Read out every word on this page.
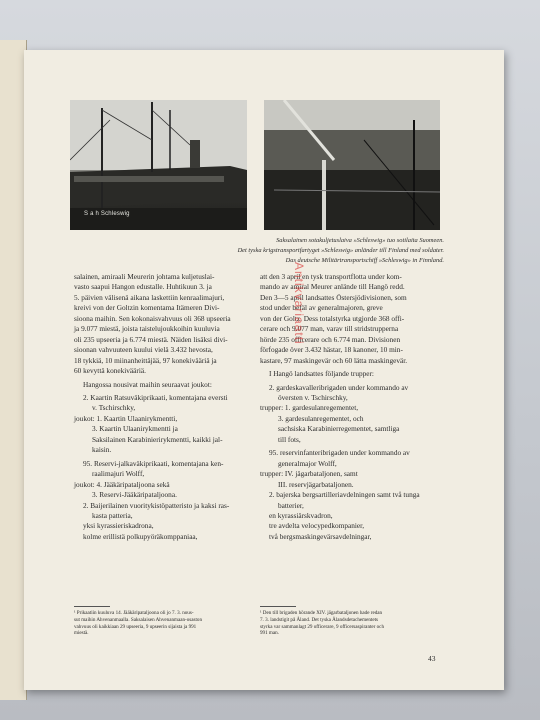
S a h Schleswig
Saksalainen sotakuljetuslaiva »Schleswig» tuo sotilaita Suomeen.
Det tyska krigstransportfartyget »Schleswig» anländer till Finland med soldater.
Das deutsche Militärtransportschiff »Schleswig» in Finnland.
salainen, amiraali Meurerin johtama kuljetuslai-
vasto saapui Hangon edustalle. Huhtikuun 3. ja
5. päivien välisenä aikana laskettiin kenraalimajuri,
kreivi von der Goltzin komentama Itämeren Divi-
sioona maihin. Sen kokonaisvahvuus oli 368 upseeria
ja 9.077 miestä, joista taistelujoukkoihin kuuluvia
oli 235 upseeria ja 6.774 miestä. Näiden lisäksi divi-
sioonan vahvuuteen kuului vielä 3.432 hevosta,
18 tykkiä, 10 miinanheittäjää, 97 konekivääriä ja
60 kevyttä konekivääriä.
Hangossa nousivat maihin seuraavat joukot:
2. Kaartin Ratsuväkiprikaati, komentajana eversti
v. Tschirschky,
joukot: 1. Kaartin Ulaanirykmentti,
3. Kaartin Ulaanirykmentti ja
Saksilainen Karabinierirykmentti, kaikki jal-
kaisin.
95. Reservi-jalkaväkiprikaati, komentajana ken-
raalimajuri Wolff,
joukot: 4. Jääkäripataljoona sekä
3. Reservi-Jääkäripataljoona.
2. Baijerilainen vuoritykistöpatteristo ja kaksi ras-
kasta patteria,
yksi kyrassieriskadrona,
kolme erillistä polkupyöräkomppaniaa,
att den 3 april en tysk transportflotta under kom-
mando av amiral Meurer anlände till Hangö redd.
Den 3—5 april landsattes Östersjödivisionen, som
stod under befäl av generalmajoren, greve
von der Goltz. Dess totalstyrka utgjorde 368 offi-
cerare och 9.077 man, varav till stridstrupperna
hörde 235 officerare och 6.774 man. Divisionen
förfogade över 3.432 hästar, 18 kanoner, 10 min-
kastare, 97 maskingevär och 60 lätta maskingevär.
I Hangö landsattes följande trupper:
2. gardeskavalleribrigaden under kommando av
översten v. Tschirschky,
trupper: 1. gardesulanregementet,
3. gardesulanregementet, och
sachsiska Karabinierregementet, samtliga
till fots,
95. reservinfanteribrigaden under kommando av
generalmajor Wolff,
trupper: IV. jägarbataljonen, samt
III. reservjägarbataljonen.
2. bajerska bergsartilleriavdelningen samt två tunga
batterier,
en kyrassiärskvadron,
tre avdelta velocypedkompanier,
två bergsmaskingevärsavdelningar,
¹ Prikaatiin kuuluva 14. Jääkäripataljoona oli jo 7. 3. nous-
sut maihin Ahvenanmaalla. Saksalaisen Ahvenanmaan-osaston
vahvuus oli kaikkiaan 29 upseeria, 9 upseerin sijaista ja 991
miestä.
¹ Den till brigaden hörande XIV. jägarbataljonen hade redan
7. 3. landstigit på Åland. Det tyska Ålandsdetachementets
styrka var sammanlagt 29 officerare, 9 officersaspiranter och
991 man.
43
Antikvariaatti
